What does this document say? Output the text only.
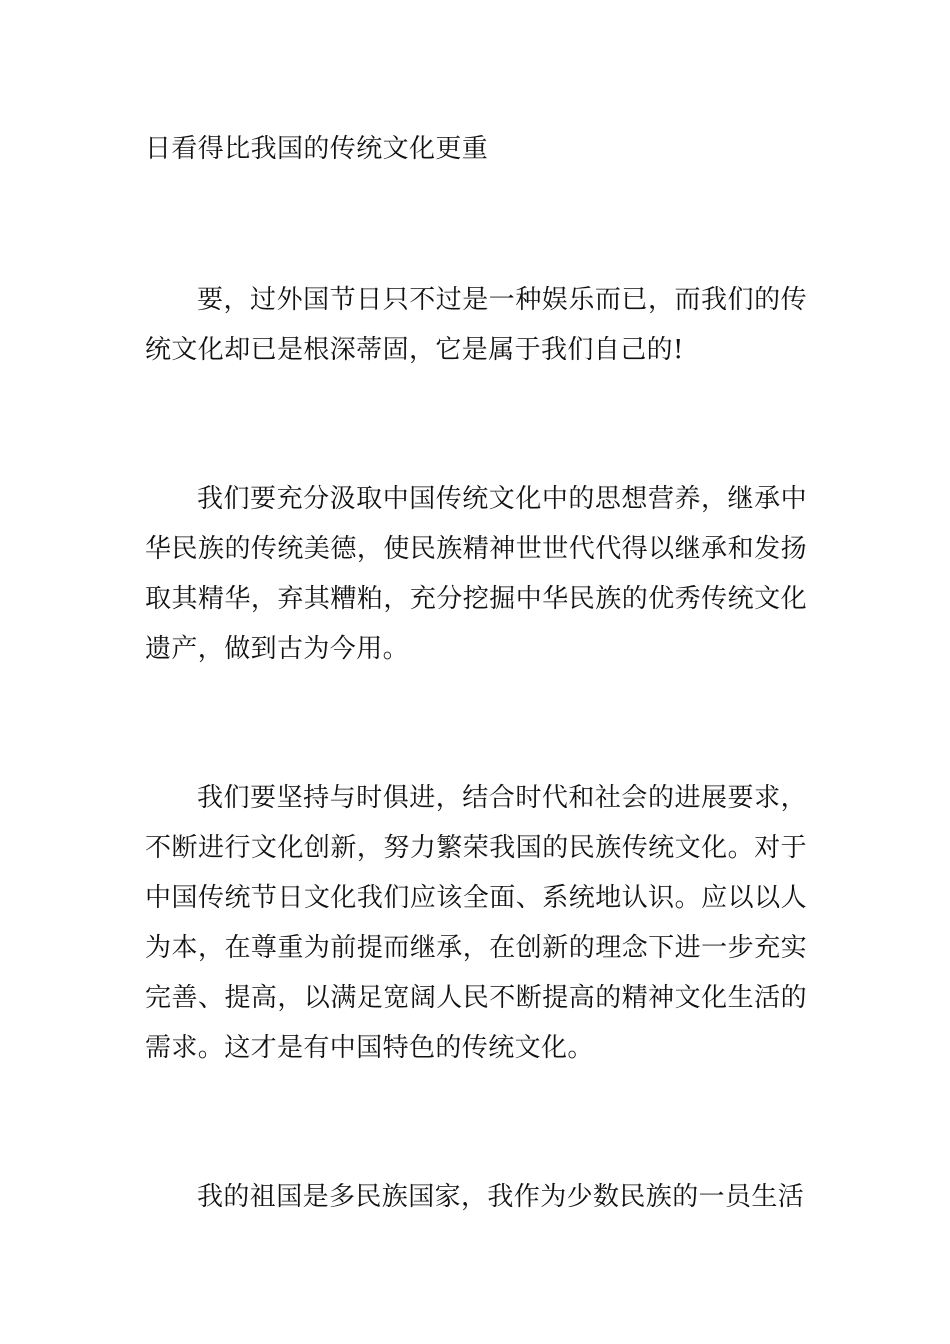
日看得比我国的传统文化更重

要，过外国节日只不过是一种娱乐而已，而我们的传统文化却已是根深蒂固，它是属于我们自己的!

我们要充分汲取中国传统文化中的思想营养，继承中华民族的传统美德，使民族精神世世代代得以继承和发扬取其精华，弃其糟粕，充分挖掘中华民族的优秀传统文化遗产，做到古为今用。

我们要坚持与时俱进，结合时代和社会的进展要求，不断进行文化创新，努力繁荣我国的民族传统文化。对于中国传统节日文化我们应该全面、系统地认识。应以以人为本，在尊重为前提而继承，在创新的理念下进一步充实完善、提高，以满足宽阔人民不断提高的精神文化生活的需求。这才是有中国特色的传统文化。

我的祖国是多民族国家，我作为少数民族的一员生活
